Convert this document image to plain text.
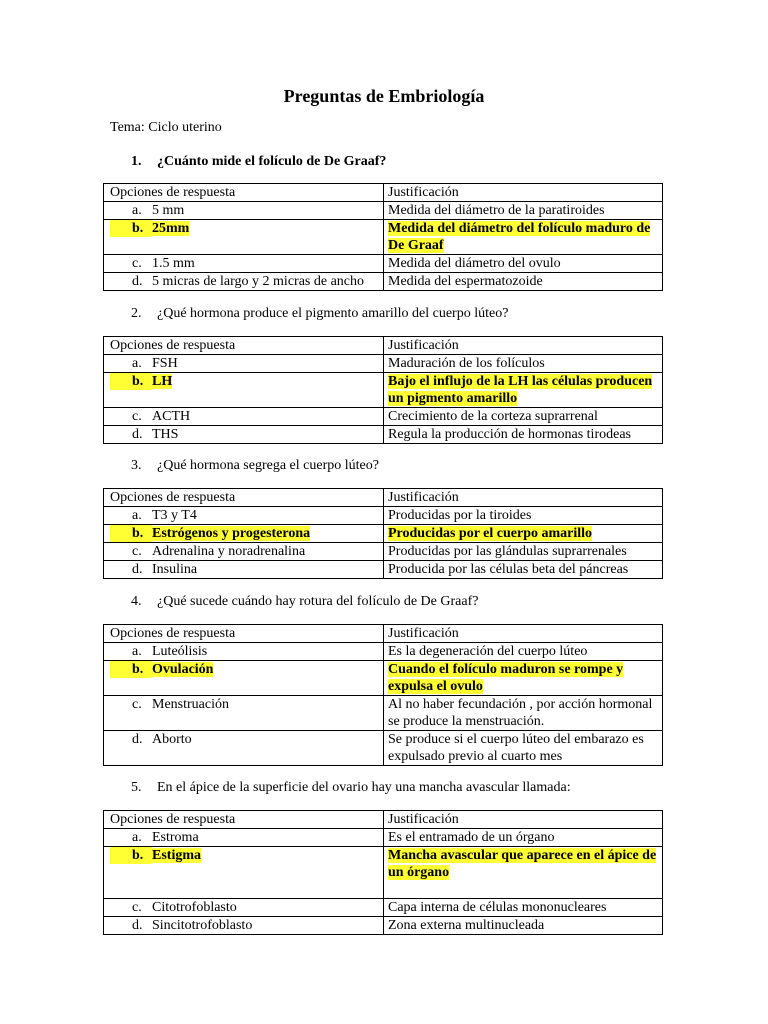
Preguntas de Embriología
Tema: Ciclo uterino
1. ¿Cuánto mide el folículo de De Graaf?
Opciones de respuesta	Justificación

a. 5 mm	Medida del diámetro de la paratiroides

b. 25mm	Medida del diámetro del folículo maduro de De Graaf

c. 1.5 mm	Medida del diámetro del ovulo

d. 5 micras de largo y 2 micras de ancho	Medida del espermatozoide
2. ¿Qué hormona produce el pigmento amarillo del cuerpo lúteo?
Opciones de respuesta	Justificación

a. FSH	Maduración de los folículos

b. LH	Bajo el influjo de la LH las células producen un pigmento amarillo

c. ACTH	Crecimiento de la corteza suprarrenal

d. THS	Regula la producción de hormonas tirodeas
3. ¿Qué hormona segrega el cuerpo lúteo?
Opciones de respuesta	Justificación

a. T3 y T4	Producidas por la tiroides

b. Estrógenos y progesterona	Producidas por el cuerpo amarillo

c. Adrenalina y noradrenalina	Producidas por las glándulas suprarrenales

d. Insulina	Producida por las células beta del páncreas
4. ¿Qué sucede cuándo hay rotura del folículo de De Graaf?
Opciones de respuesta	Justificación

a. Luteólisis	Es la degeneración del cuerpo lúteo

b. Ovulación	Cuando el folículo maduron se rompe y expulsa el ovulo

c. Menstruación	Al no haber fecundación , por acción hormonal se produce la menstruación.

d. Aborto	Se produce si el cuerpo lúteo del embarazo es expulsado previo al cuarto mes
5. En el ápice de la superficie del ovario hay una mancha avascular llamada:
Opciones de respuesta	Justificación

a. Estroma	Es el entramado de un órgano

b. Estigma	Mancha avascular que aparece en el ápice de un órgano

c. Citotrofoblasto	Capa interna de células mononucleares

d. Sincitotrofoblasto	Zona externa multinucleada
